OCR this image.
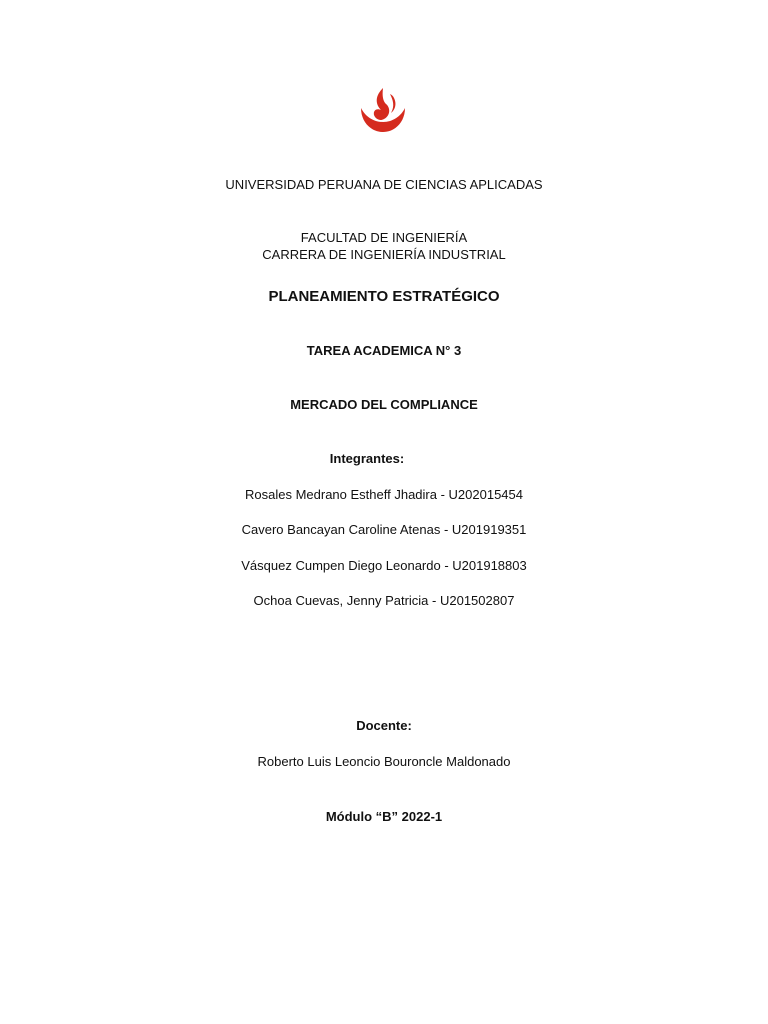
UNIVERSIDAD PERUANA DE CIENCIAS APLICADAS
FACULTAD DE INGENIERÍA
CARRERA DE INGENIERÍA INDUSTRIAL
PLANEAMIENTO ESTRATÉGICO
TAREA ACADEMICA N° 3
MERCADO DEL COMPLIANCE
Integrantes:
Rosales Medrano Estheff Jhadira - U202015454
Cavero Bancayan Caroline Atenas - U201919351
Vásquez Cumpen Diego Leonardo - U201918803
Ochoa Cuevas, Jenny Patricia - U201502807
Docente:
Roberto Luis Leoncio Bouroncle Maldonado
Módulo “B” 2022-1
